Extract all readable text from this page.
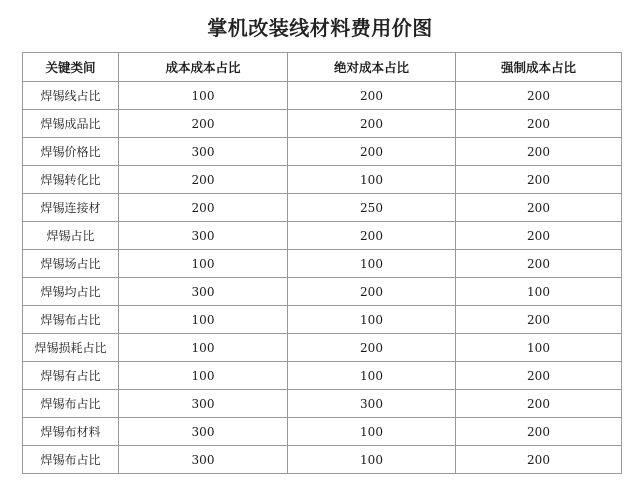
掌机改装线材料费用价图
关键类间	成本成本占比	绝对成本占比	强制成本占比
焊锡线占比	100	200	200
焊锡成品比	200	200	200
焊锡价格比	300	200	200
焊锡转化比	200	100	200
焊锡连接材	200	250	200
焊锡占比	300	200	200
焊锡场占比	100	100	200
焊锡均占比	300	200	100
焊锡布占比	100	100	200
焊锡损耗占比	100	200	100
焊锡有占比	100	100	200
焊锡布占比	300	300	200
焊锡布材料	300	100	200
焊锡布占比	300	100	200
